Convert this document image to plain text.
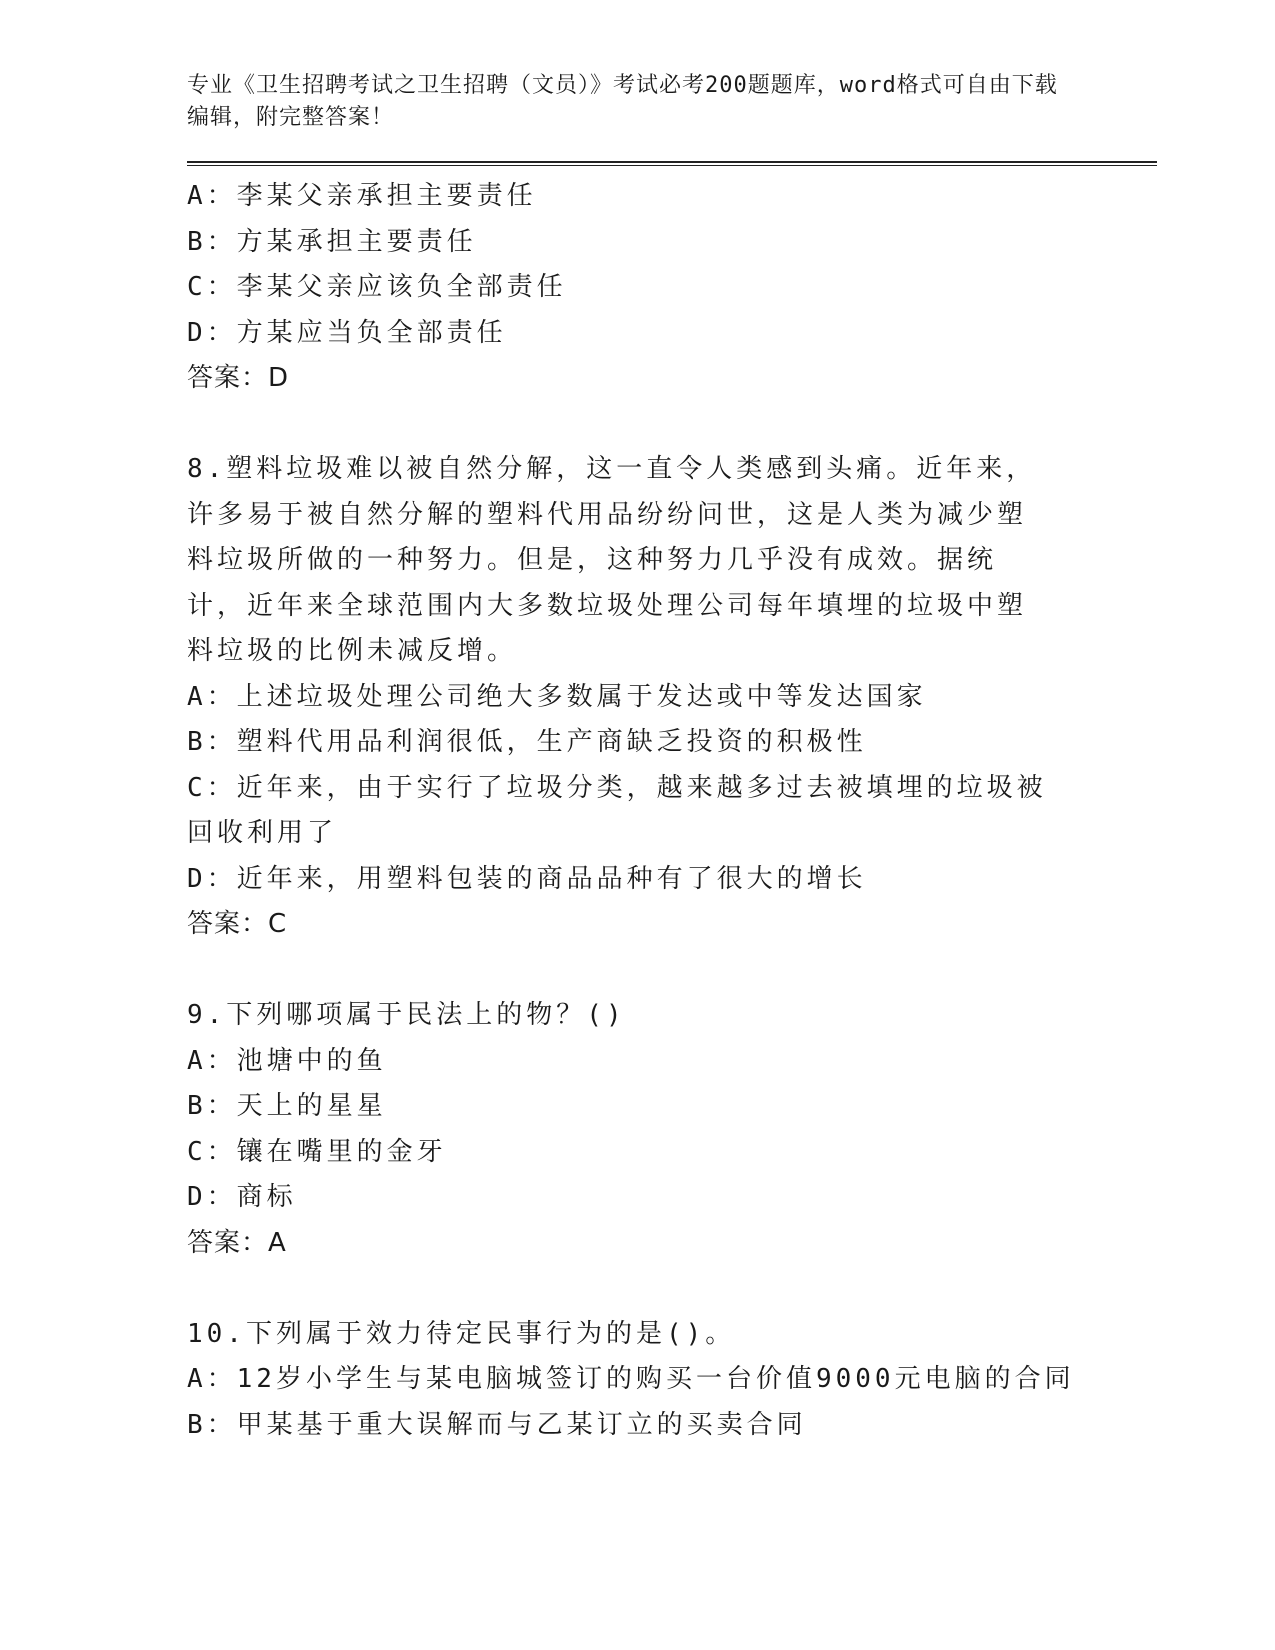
专业《卫生招聘考试之卫生招聘（文员）》考试必考200题题库，word格式可自由下载编辑，附完整答案！
A：李某父亲承担主要责任
B：方某承担主要责任
C：李某父亲应该负全部责任
D：方某应当负全部责任
答案：D
8.塑料垃圾难以被自然分解，这一直令人类感到头痛。近年来，许多易于被自然分解的塑料代用品纷纷问世，这是人类为减少塑料垃圾所做的一种努力。但是，这种努力几乎没有成效。据统计，近年来全球范围内大多数垃圾处理公司每年填埋的垃圾中塑料垃圾的比例未减反增。
A：上述垃圾处理公司绝大多数属于发达或中等发达国家
B：塑料代用品利润很低，生产商缺乏投资的积极性
C：近年来，由于实行了垃圾分类，越来越多过去被填埋的垃圾被回收利用了
D：近年来，用塑料包装的商品品种有了很大的增长
答案：C
9.下列哪项属于民法上的物？()
A：池塘中的鱼
B：天上的星星
C：镶在嘴里的金牙
D：商标
答案：A
10.下列属于效力待定民事行为的是()。
A：12岁小学生与某电脑城签订的购买一台价值9000元电脑的合同
B：甲某基于重大误解而与乙某订立的买卖合同
